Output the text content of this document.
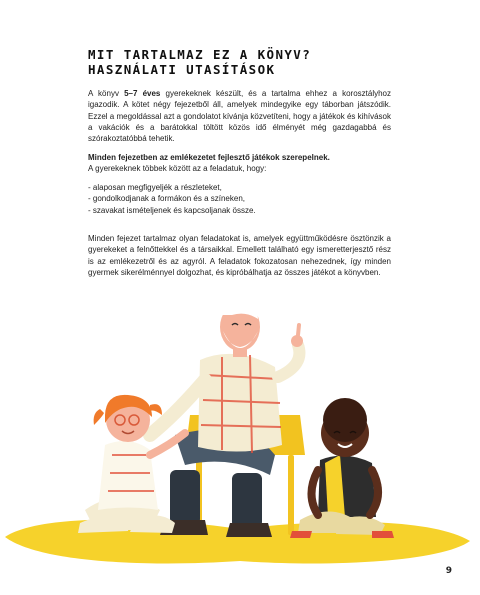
MIT TARTALMAZ EZ A KÖNYV?
HASZNÁLATI UTASÍTÁSOK
A könyv 5–7 éves gyerekeknek készült, és a tartalma ehhez a korosztályhoz igazodik. A kötet négy fejezetből áll, amelyek mindegyike egy táborban játszódik. Ezzel a megoldással azt a gondolatot kívánja közvetíteni, hogy a játékok és kihívások a vakációk és a barátokkal töltött közös idő élményét még gazdagabbá és szórakoztatóbbá tehetik.
Minden fejezetben az emlékezetet fejlesztő játékok szerepelnek.
A gyerekeknek többek között az a feladatuk, hogy:
- alaposan megfigyeljék a részleteket,
- gondolkodjanak a formákon és a színeken,
- szavakat ismételjenek és kapcsoljanak össze.
Minden fejezet tartalmaz olyan feladatokat is, amelyek együttműködésre ösztönzik a gyerekeket a felnőttekkel és a társaikkal. Emellett található egy ismeretterjesztő rész is az emlékezetről és az agyról. A feladatok fokozatosan nehezednek, így minden gyermek sikerélménnyel dolgozhat, és kipróbálhatja az összes játékot a könyvben.
9
